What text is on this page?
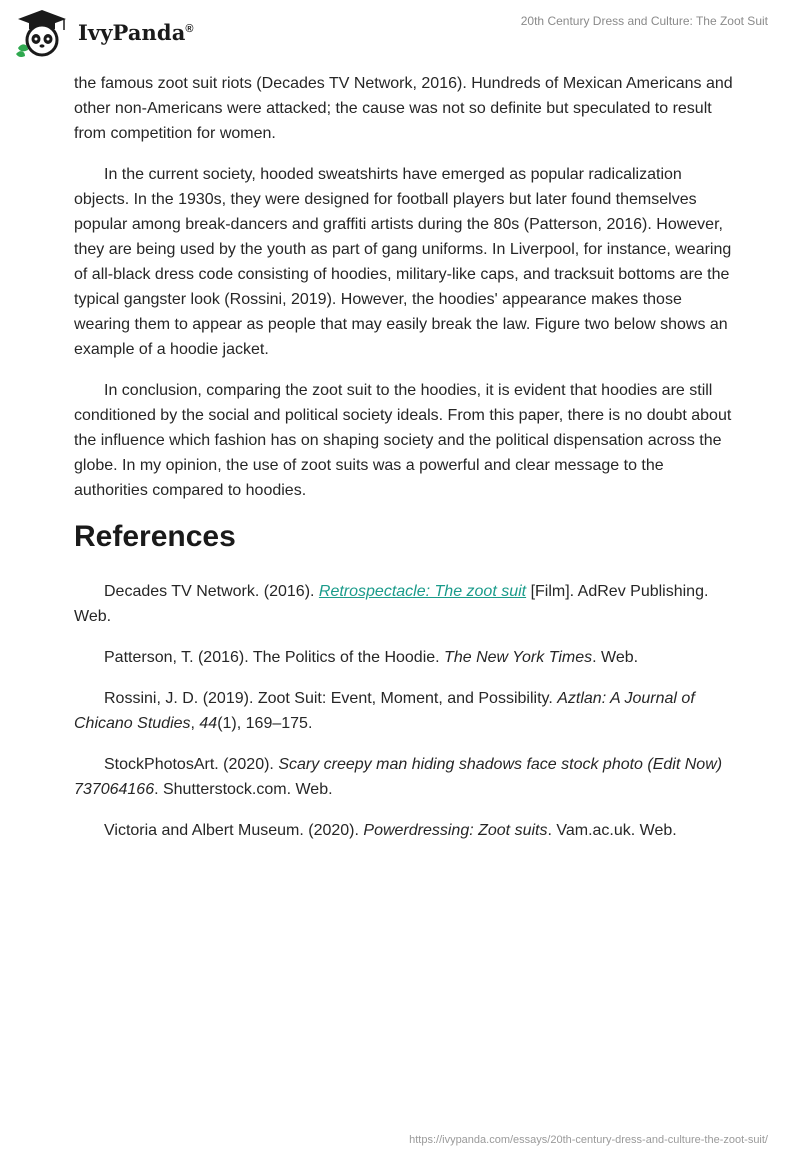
IvyPanda®
20th Century Dress and Culture: The Zoot Suit

the famous zoot suit riots (Decades TV Network, 2016). Hundreds of Mexican Americans and other non-Americans were attacked; the cause was not so definite but speculated to result from competition for women.

In the current society, hooded sweatshirts have emerged as popular radicalization objects. In the 1930s, they were designed for football players but later found themselves popular among break-dancers and graffiti artists during the 80s (Patterson, 2016). However, they are being used by the youth as part of gang uniforms. In Liverpool, for instance, wearing of all-black dress code consisting of hoodies, military-like caps, and tracksuit bottoms are the typical gangster look (Rossini, 2019). However, the hoodies' appearance makes those wearing them to appear as people that may easily break the law. Figure two below shows an example of a hoodie jacket.

In conclusion, comparing the zoot suit to the hoodies, it is evident that hoodies are still conditioned by the social and political society ideals. From this paper, there is no doubt about the influence which fashion has on shaping society and the political dispensation across the globe. In my opinion, the use of zoot suits was a powerful and clear message to the authorities compared to hoodies.

References

Decades TV Network. (2016). Retrospectacle: The zoot suit [Film]. AdRev Publishing. Web.

Patterson, T. (2016). The Politics of the Hoodie. The New York Times. Web.

Rossini, J. D. (2019). Zoot Suit: Event, Moment, and Possibility. Aztlan: A Journal of Chicano Studies, 44(1), 169–175.

StockPhotosArt. (2020). Scary creepy man hiding shadows face stock photo (Edit Now) 737064166. Shutterstock.com. Web.

Victoria and Albert Museum. (2020). Powerdressing: Zoot suits. Vam.ac.uk. Web.

https://ivypanda.com/essays/20th-century-dress-and-culture-the-zoot-suit/
